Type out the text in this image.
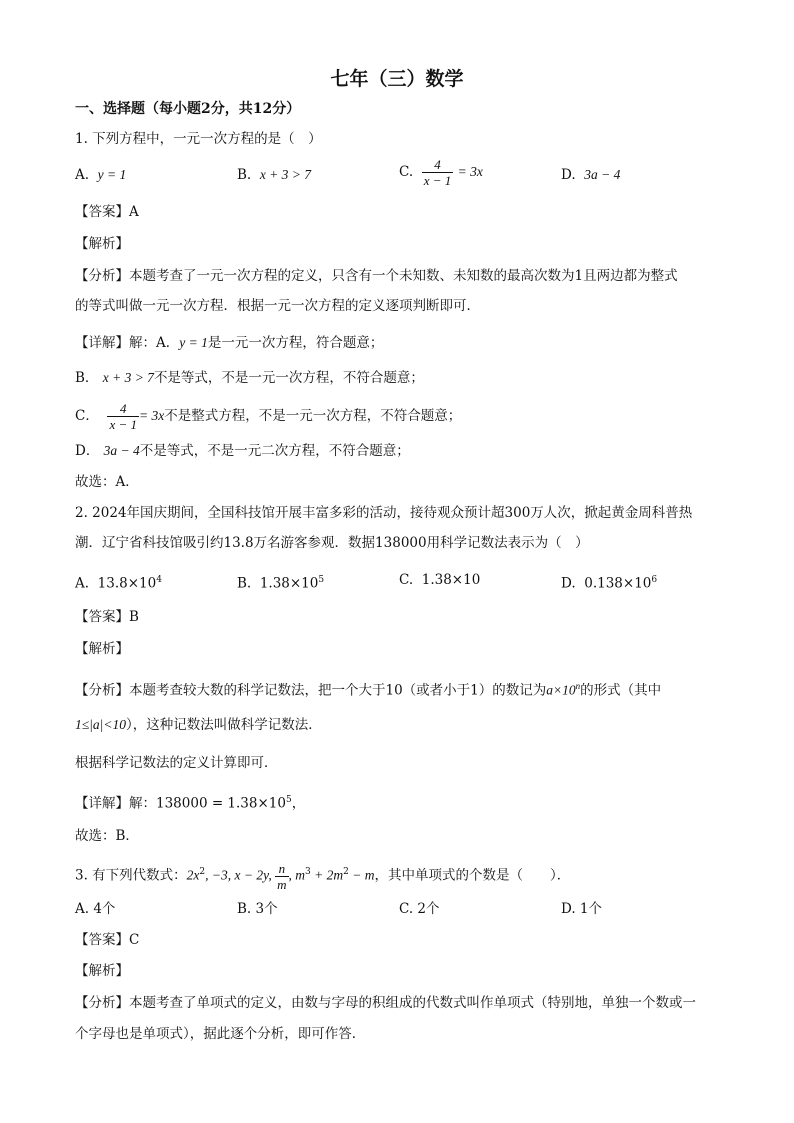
七年（三）数学
一、选择题（每小题2分，共12分）
1. 下列方程中，一元一次方程的是（　）
A. y = 1	B. x + 3 > 7	C. $\frac{4}{x - 1} = 3x$	D. 3a − 4
【答案】A
【解析】
【分析】本题考查了一元一次方程的定义，只含有一个未知数、未知数的最高次数为1且两边都为整式
的等式叫做一元一次方程．根据一元一次方程的定义逐项判断即可．
【详解】解：A．y = 1是一元一次方程，符合题意；
B． x + 3 > 7不是等式，不是一元一次方程，不符合题意；
C． $\frac{4}{x - 1} = 3x$不是整式方程，不是一元一次方程，不符合题意；
D． 3a − 4不是等式，不是一元二次方程，不符合题意；
故选：A．
2. 2024年国庆期间，全国科技馆开展丰富多彩的活动，接待观众预计超300万人次，掀起黄金周科普热
潮．辽宁省科技馆吸引约13.8万名游客参观．数据138000用科学记数法表示为（　）
A. $13.8\times 10^4$	B. $1.38\times 10^5$	C. 1.38×10	D. $0.138\times 10^6$
【答案】B
【解析】
【分析】本题考查较大数的科学记数法，把一个大于10（或者小于1）的数记为$a\times 10^n$的形式（其中
1≤|a|<10），这种记数法叫做科学记数法．
根据科学记数法的定义计算即可．
【详解】解：$138000 = 1.38\times 10^5$，
故选：B．
3. 有下列代数式：$2x^2$, −3, x − 2y, $\frac{n}{m}$ , $m^3 + 2m^2 - m$，其中单项式的个数是（　　）．
A. 4个	B. 3个	C. 2个	D. 1个
【答案】C
【解析】
【分析】本题考查了单项式的定义，由数与字母的积组成的代数式叫作单项式（特别地，单独一个数或一
个字母也是单项式），据此逐个分析，即可作答．
